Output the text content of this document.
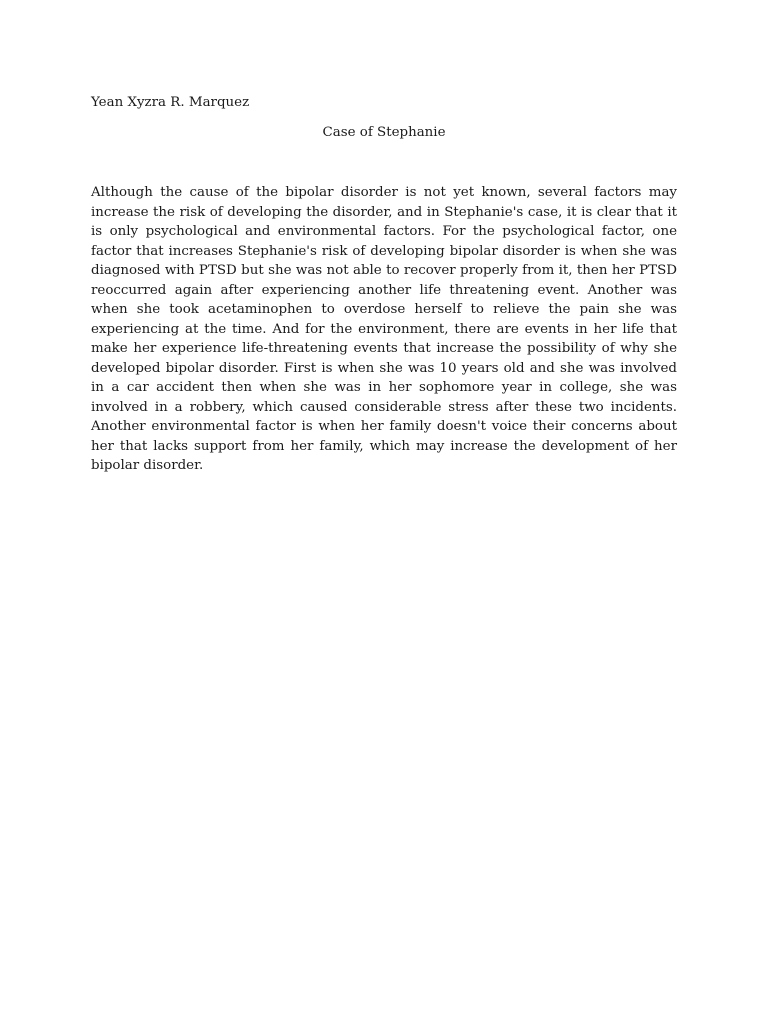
Yean Xyzra R. Marquez

Case of Stephanie

Although the cause of the bipolar disorder is not yet known, several factors may increase the risk of developing the disorder, and in Stephanie's case, it is clear that it is only psychological and environmental factors. For the psychological factor, one factor that increases Stephanie's risk of developing bipolar disorder is when she was diagnosed with PTSD but she was not able to recover properly from it, then her PTSD reoccurred again after experiencing another life threatening event. Another was when she took acetaminophen to overdose herself to relieve the pain she was experiencing at the time. And for the environment, there are events in her life that make her experience life-threatening events that increase the possibility of why she developed bipolar disorder. First is when she was 10 years old and she was involved in a car accident then when she was in her sophomore year in college, she was involved in a robbery, which caused considerable stress after these two incidents. Another environmental factor is when her family doesn't voice their concerns about her that lacks support from her family, which may increase the development of her bipolar disorder.
